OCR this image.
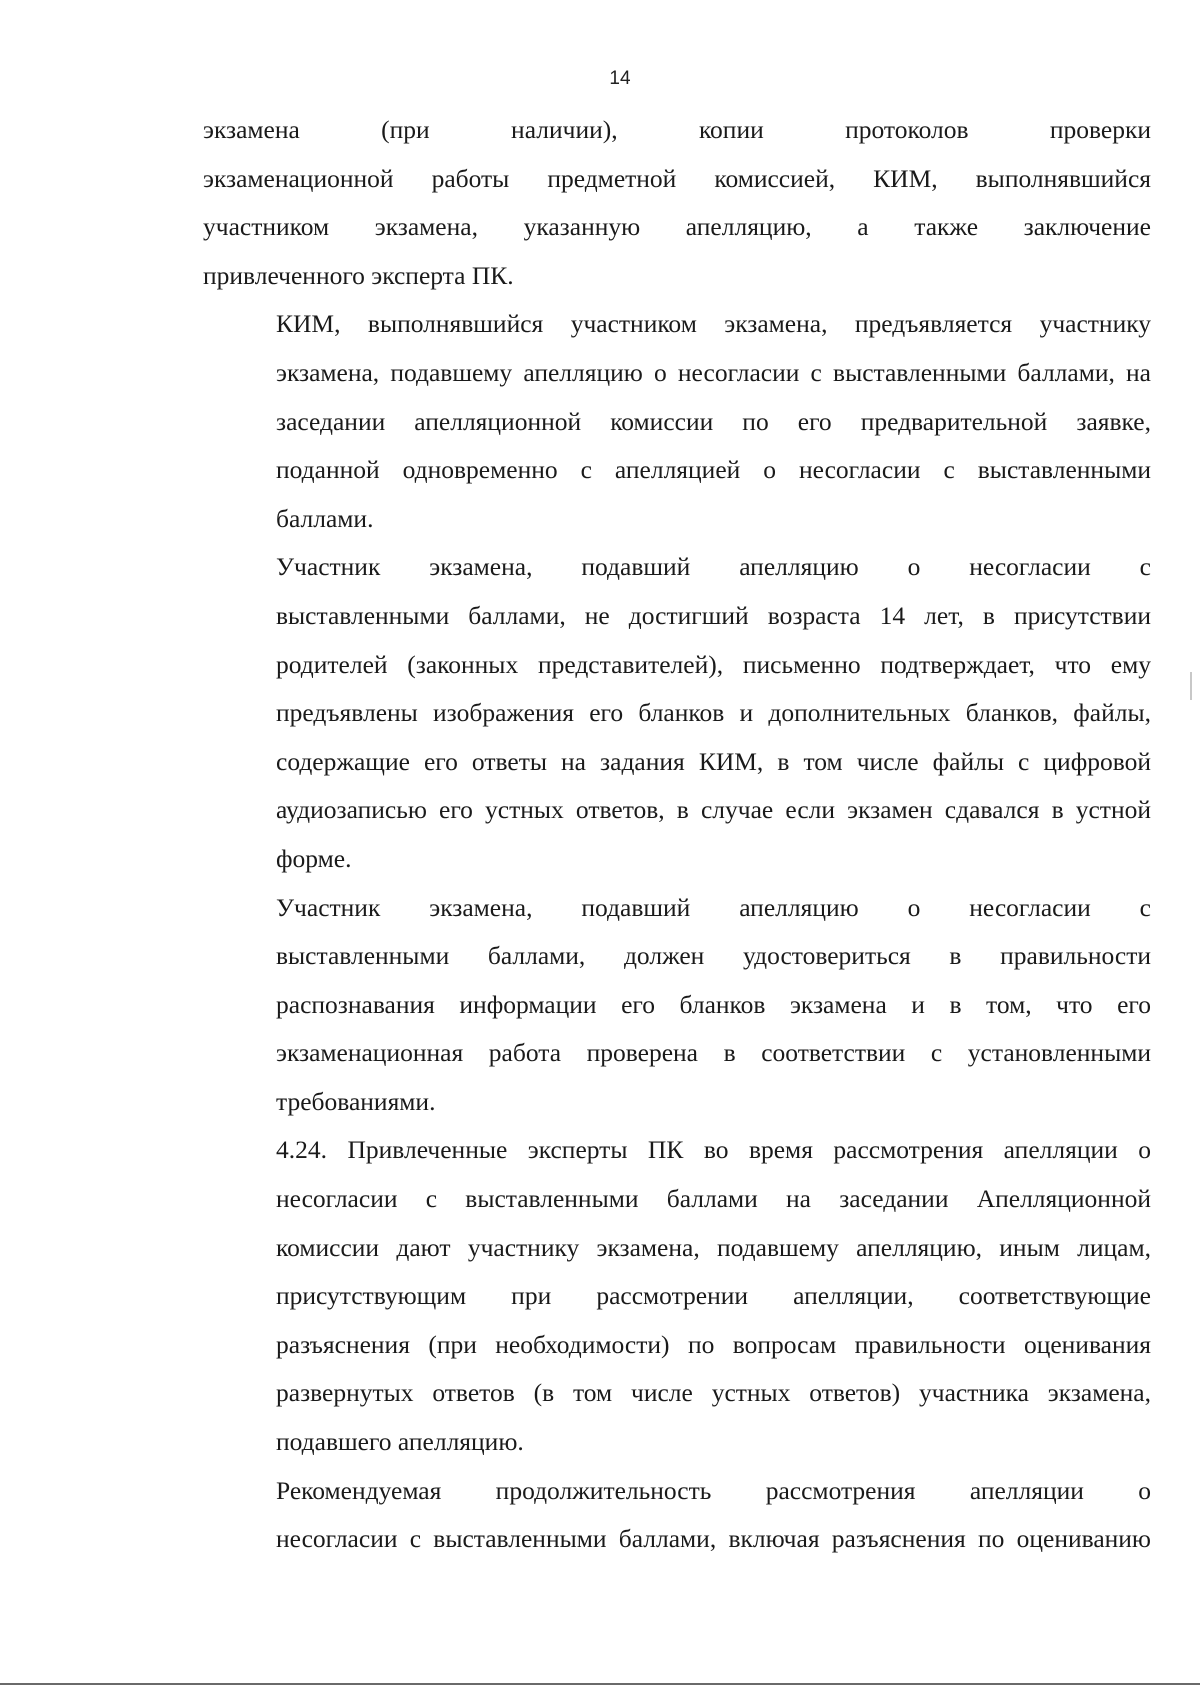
14

экзамена (при наличии), копии протоколов проверки
экзаменационной работы предметной комиссией, КИМ, выполнявшийся
участником экзамена, указанную апелляцию, а также заключение
привлеченного эксперта ПК.

КИМ, выполнявшийся участником экзамена, предъявляется участнику
экзамена, подавшему апелляцию о несогласии с выставленными баллами, на
заседании апелляционной комиссии по его предварительной заявке,
поданной одновременно с апелляцией о несогласии с выставленными
баллами.

Участник экзамена, подавший апелляцию о несогласии с
выставленными баллами, не достигший возраста 14 лет, в присутствии
родителей (законных представителей), письменно подтверждает, что ему
предъявлены изображения его бланков и дополнительных бланков, файлы,
содержащие его ответы на задания КИМ, в том числе файлы с цифровой
аудиозаписью его устных ответов, в случае если экзамен сдавался в устной
форме.

Участник экзамена, подавший апелляцию о несогласии с
выставленными баллами, должен удостовериться в правильности
распознавания информации его бланков экзамена и в том, что его
экзаменационная работа проверена в соответствии с установленными
требованиями.

4.24. Привлеченные эксперты ПК во время рассмотрения апелляции о
несогласии с выставленными баллами на заседании Апелляционной
комиссии дают участнику экзамена, подавшему апелляцию, иным лицам,
присутствующим при рассмотрении апелляции, соответствующие
разъяснения (при необходимости) по вопросам правильности оценивания
развернутых ответов (в том числе устных ответов) участника экзамена,
подавшего апелляцию.

Рекомендуемая продолжительность рассмотрения апелляции о
несогласии с выставленными баллами, включая разъяснения по оцениванию
